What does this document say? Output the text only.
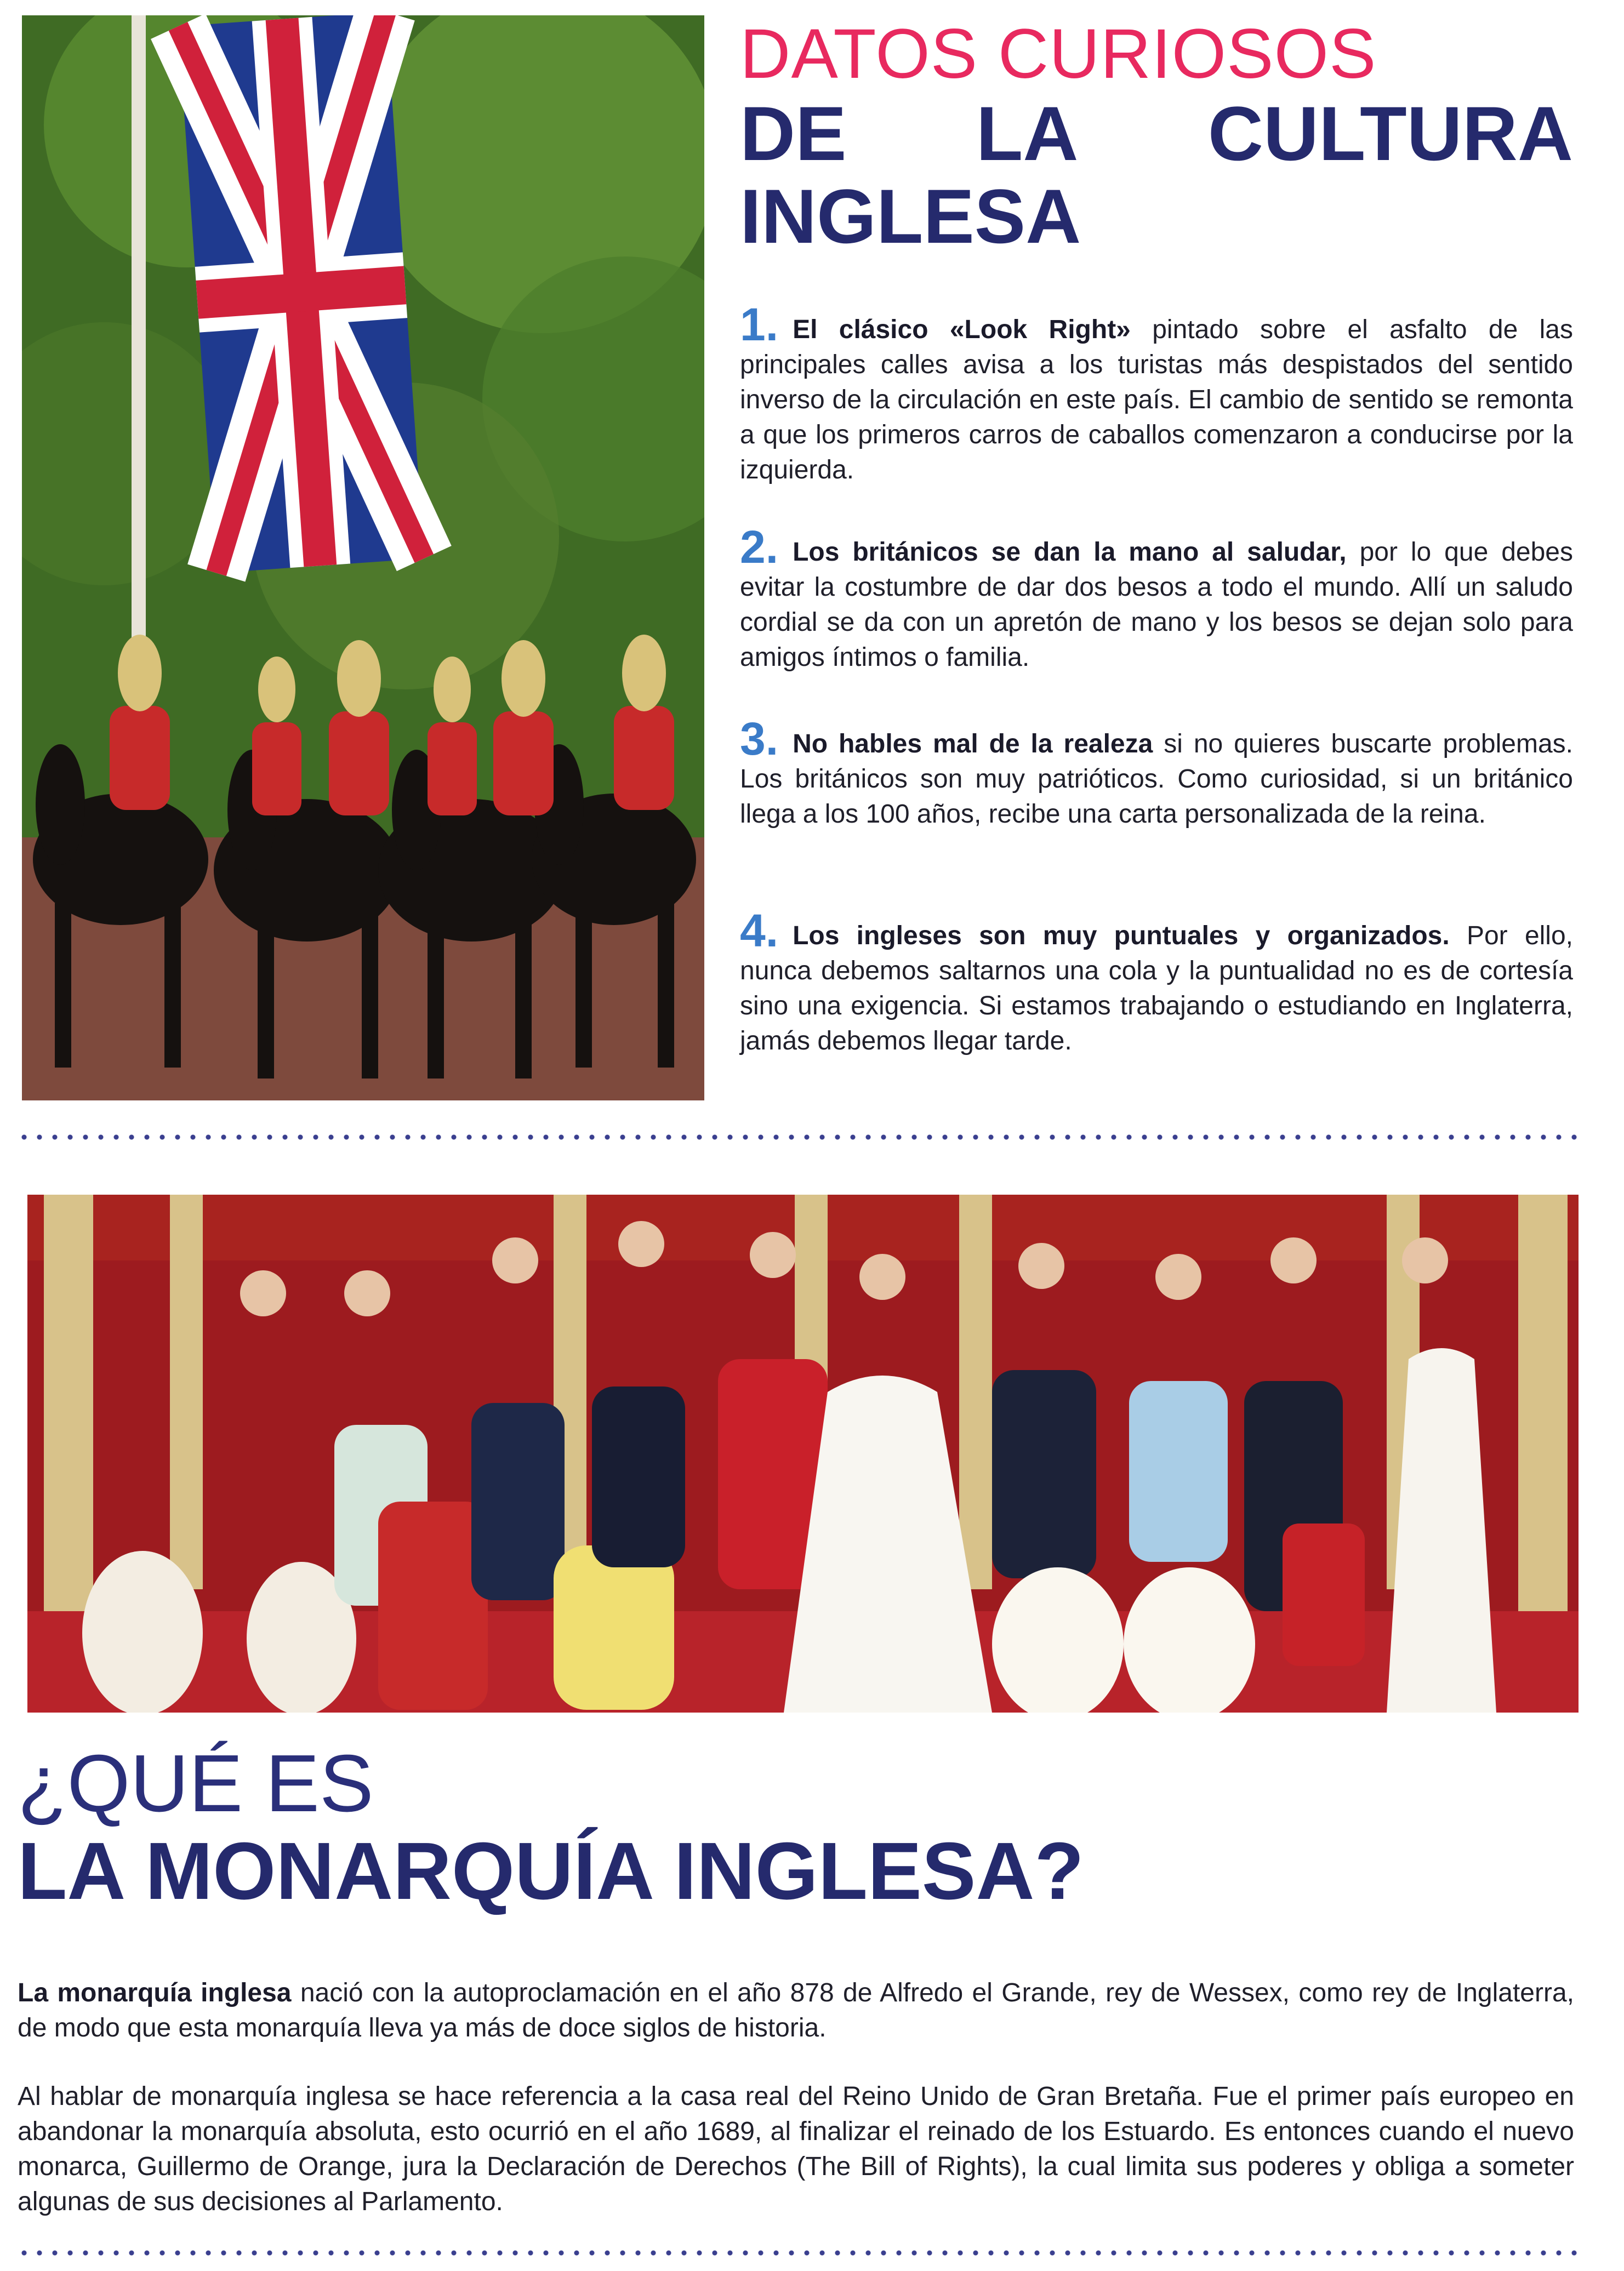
DATOS CURIOSOS
DE LA CULTURA
INGLESA
1. El clásico «Look Right» pintado sobre el asfalto de las principales calles avisa a los turistas más despistados del sentido inverso de la circulación en este país. El cambio de sentido se remonta a que los primeros carros de caballos comenzaron a conducirse por la izquierda.
2. Los británicos se dan la mano al saludar, por lo que debes evitar la costumbre de dar dos besos a todo el mundo. Allí un saludo cordial se da con un apretón de mano y los besos se dejan solo para amigos íntimos o familia.
3. No hables mal de la realeza si no quieres buscarte problemas. Los británicos son muy patrióticos. Como curiosidad, si un británico llega a los 100 años, recibe una carta personalizada de la reina.
4. Los ingleses son muy puntuales y organizados. Por ello, nunca debemos saltarnos una cola y la puntualidad no es de cortesía sino una exigencia. Si estamos trabajando o estudiando en Inglaterra, jamás debemos llegar tarde.
¿QUÉ ES
LA MONARQUÍA INGLESA?
La monarquía inglesa nació con la autoproclamación en el año 878 de Alfredo el Grande, rey de Wessex, como rey de Inglaterra, de modo que esta monarquía lleva ya más de doce siglos de historia.
Al hablar de monarquía inglesa se hace referencia a la casa real del Reino Unido de Gran Bretaña. Fue el primer país europeo en abandonar la monarquía absoluta, esto ocurrió en el año 1689, al finalizar el reinado de los Estuardo. Es entonces cuando el nuevo monarca, Guillermo de Orange, jura la Declaración de Derechos (The Bill of Rights), la cual limita sus poderes y obliga a someter algunas de sus decisiones al Parlamento.
